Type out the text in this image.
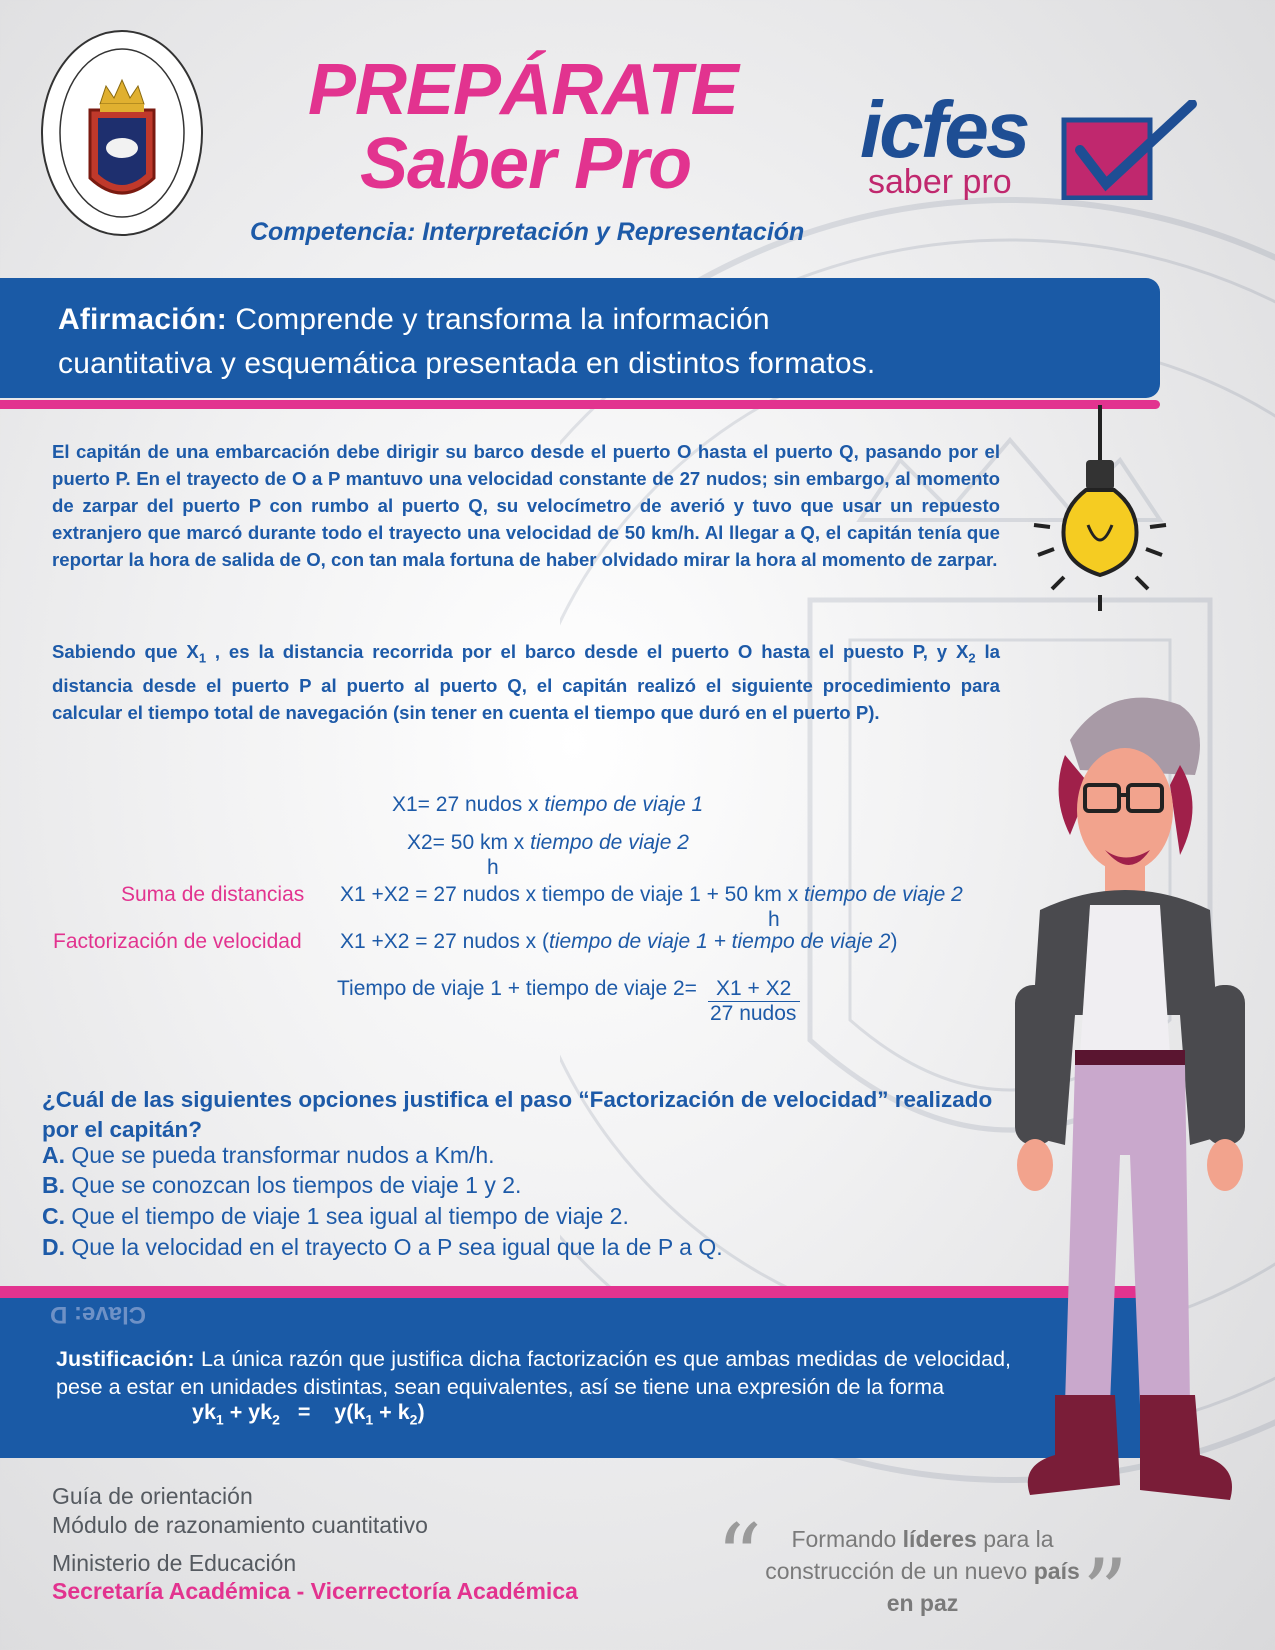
PREPÁRATE
Saber Pro
Competencia: Interpretación y Representación
icfes
saber pro
Afirmación: Comprende y transforma la información
cuantitativa y esquemática presentada en distintos formatos.
El capitán de una embarcación debe dirigir su barco desde el puerto O hasta el puerto Q, pasando por el puerto P. En el trayecto de O a P mantuvo una velocidad constante de 27 nudos; sin embargo, al momento de zarpar del puerto P con rumbo al puerto Q, su velocímetro de averió y tuvo que usar un repuesto extranjero que marcó durante todo el trayecto una velocidad de 50 km/h. Al llegar a Q, el capitán tenía que reportar la hora de salida de O, con tan mala fortuna de haber olvidado mirar la hora al momento de zarpar.
Sabiendo que $X_1$ , es la distancia recorrida por el barco desde el puerto O hasta el puesto P, y $X_2$ la distancia desde el puerto P al puerto al puerto Q, el capitán realizó el siguiente procedimiento para calcular el tiempo total de navegación (sin tener en cuenta el tiempo que duró en el puerto P).
X1= 27 nudos x tiempo de viaje 1
X2= 50 km x tiempo de viaje 2
h
Suma de distancias X1 +X2 = 27 nudos x tiempo de viaje 1 + 50 km x tiempo de viaje 2
h
Factorización de velocidad X1 +X2 = 27 nudos x (tiempo de viaje 1 + tiempo de viaje 2)
Tiempo de viaje 1 + tiempo de viaje 2= X1 + X2
27 nudos
¿Cuál de las siguientes opciones justifica el paso “Factorización de velocidad” realizado por el capitán?
A. Que se pueda transformar nudos a Km/h.
B. Que se conozcan los tiempos de viaje 1 y 2.
C. Que el tiempo de viaje 1 sea igual al tiempo de viaje 2.
D. Que la velocidad en el trayecto O a P sea igual que la de P a Q.
Clave: D
Justificación: La única razón que justifica dicha factorización es que ambas medidas de velocidad, pese a estar en unidades distintas, sean equivalentes, así se tiene una expresión de la forma
$yk_1 + yk_2$   =    $y(k_1 + k_2)$
Guía de orientación
Módulo de razonamiento cuantitativo
Ministerio de Educación
Secretaría Académica - Vicerrectoría Académica “	Formando líderes para la construcción de un nuevo país en paz	”
